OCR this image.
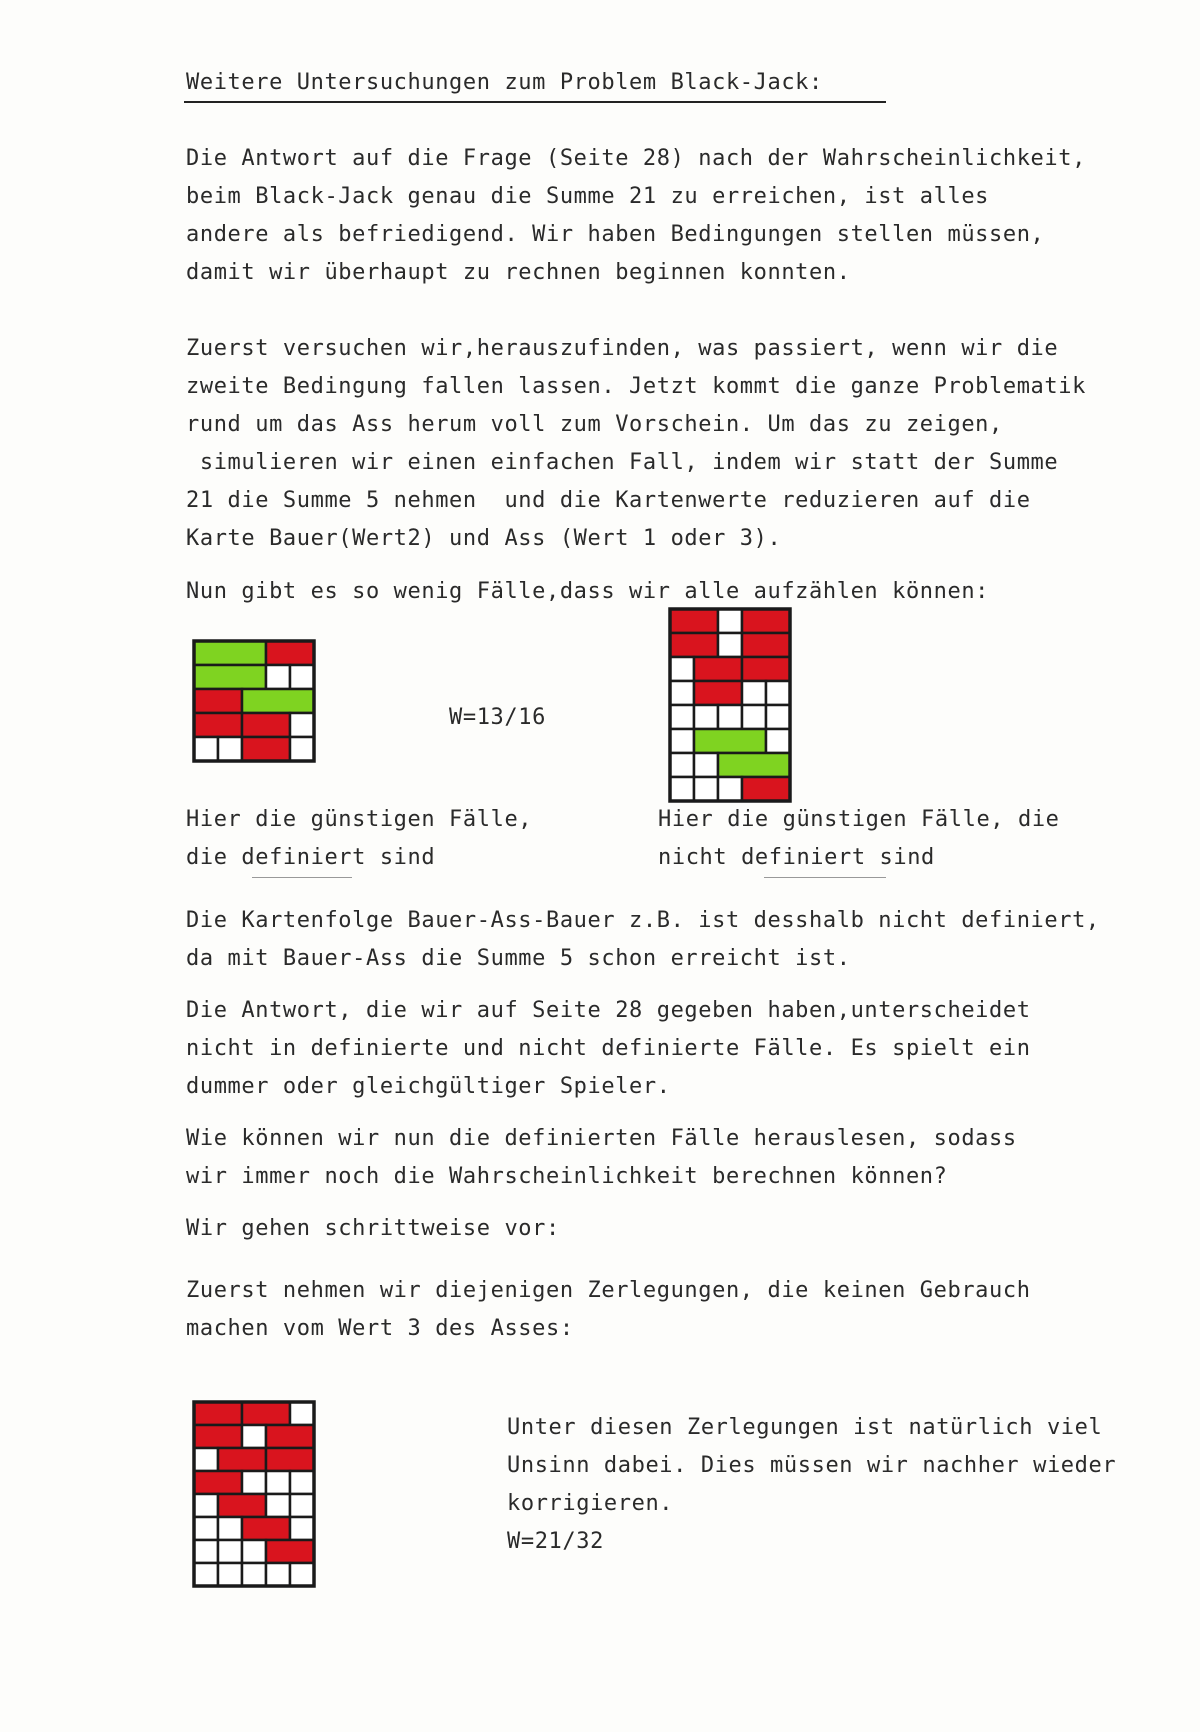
Weitere Untersuchungen zum Problem Black-Jack:

Die Antwort auf die Frage (Seite 28) nach der Wahrscheinlichkeit,
beim Black-Jack genau die Summe 21 zu erreichen, ist alles
andere als befriedigend. Wir haben Bedingungen stellen müssen,
damit wir überhaupt zu rechnen beginnen konnten.

Zuerst versuchen wir,herauszufinden, was passiert, wenn wir die
zweite Bedingung fallen lassen. Jetzt kommt die ganze Problematik
rund um das Ass herum voll zum Vorschein. Um das zu zeigen,
simulieren wir einen einfachen Fall, indem wir statt der Summe
21 die Summe 5 nehmen  und die Kartenwerte reduzieren auf die
Karte Bauer(Wert2) und Ass (Wert 1 oder 3).

Nun gibt es so wenig Fälle,dass wir alle aufzählen können:

W=13/16

Hier die günstigen Fälle,
die definiert sind

Hier die günstigen Fälle, die
nicht definiert sind

Die Kartenfolge Bauer-Ass-Bauer z.B. ist desshalb nicht definiert,
da mit Bauer-Ass die Summe 5 schon erreicht ist.

Die Antwort, die wir auf Seite 28 gegeben haben,unterscheidet
nicht in definierte und nicht definierte Fälle. Es spielt ein
dummer oder gleichgültiger Spieler.

Wie können wir nun die definierten Fälle herauslesen, sodass
wir immer noch die Wahrscheinlichkeit berechnen können?

Wir gehen schrittweise vor:

Zuerst nehmen wir diejenigen Zerlegungen, die keinen Gebrauch
machen vom Wert 3 des Asses:

Unter diesen Zerlegungen ist natürlich viel
Unsinn dabei. Dies müssen wir nachher wieder
korrigieren.

W=21/32
